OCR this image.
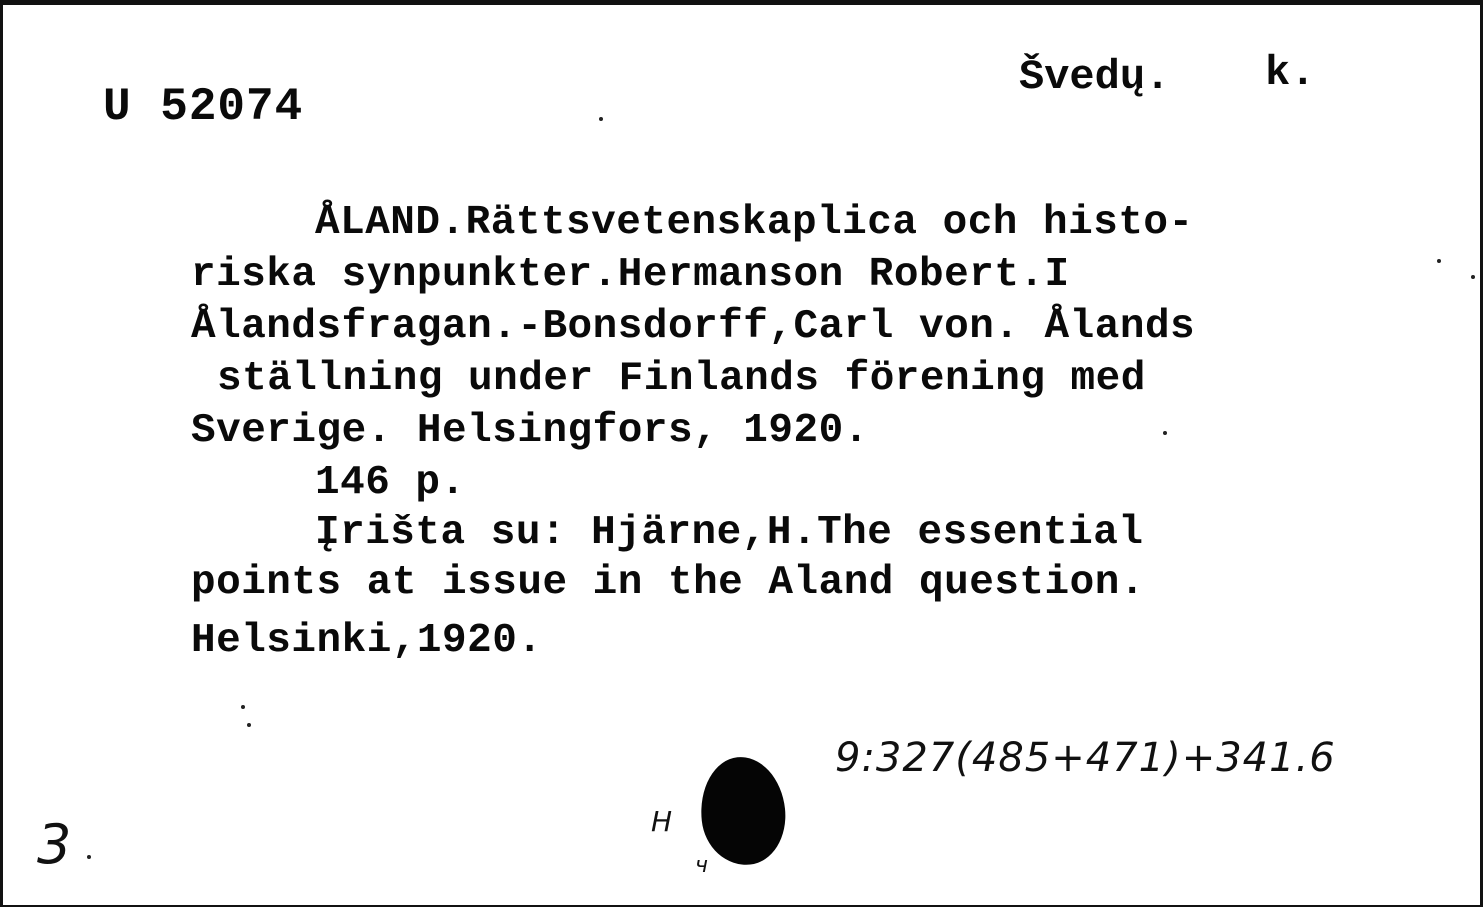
U 52074
Švedų. k.
ÅLAND.Rättsvetenskaplica och histo-
riska synpunkter.Hermanson Robert.I
Ålandsfragan.-Bonsdorff,Carl von. Ålands
ställning under Finlands förening med
Sverige. Helsingfors, 1920.
146 p.
Įrišta su: Hjärne,H.The essential
points at issue in the Aland question.
Helsinki,1920.
9:327(485+471)+341.6
3	H
ч
